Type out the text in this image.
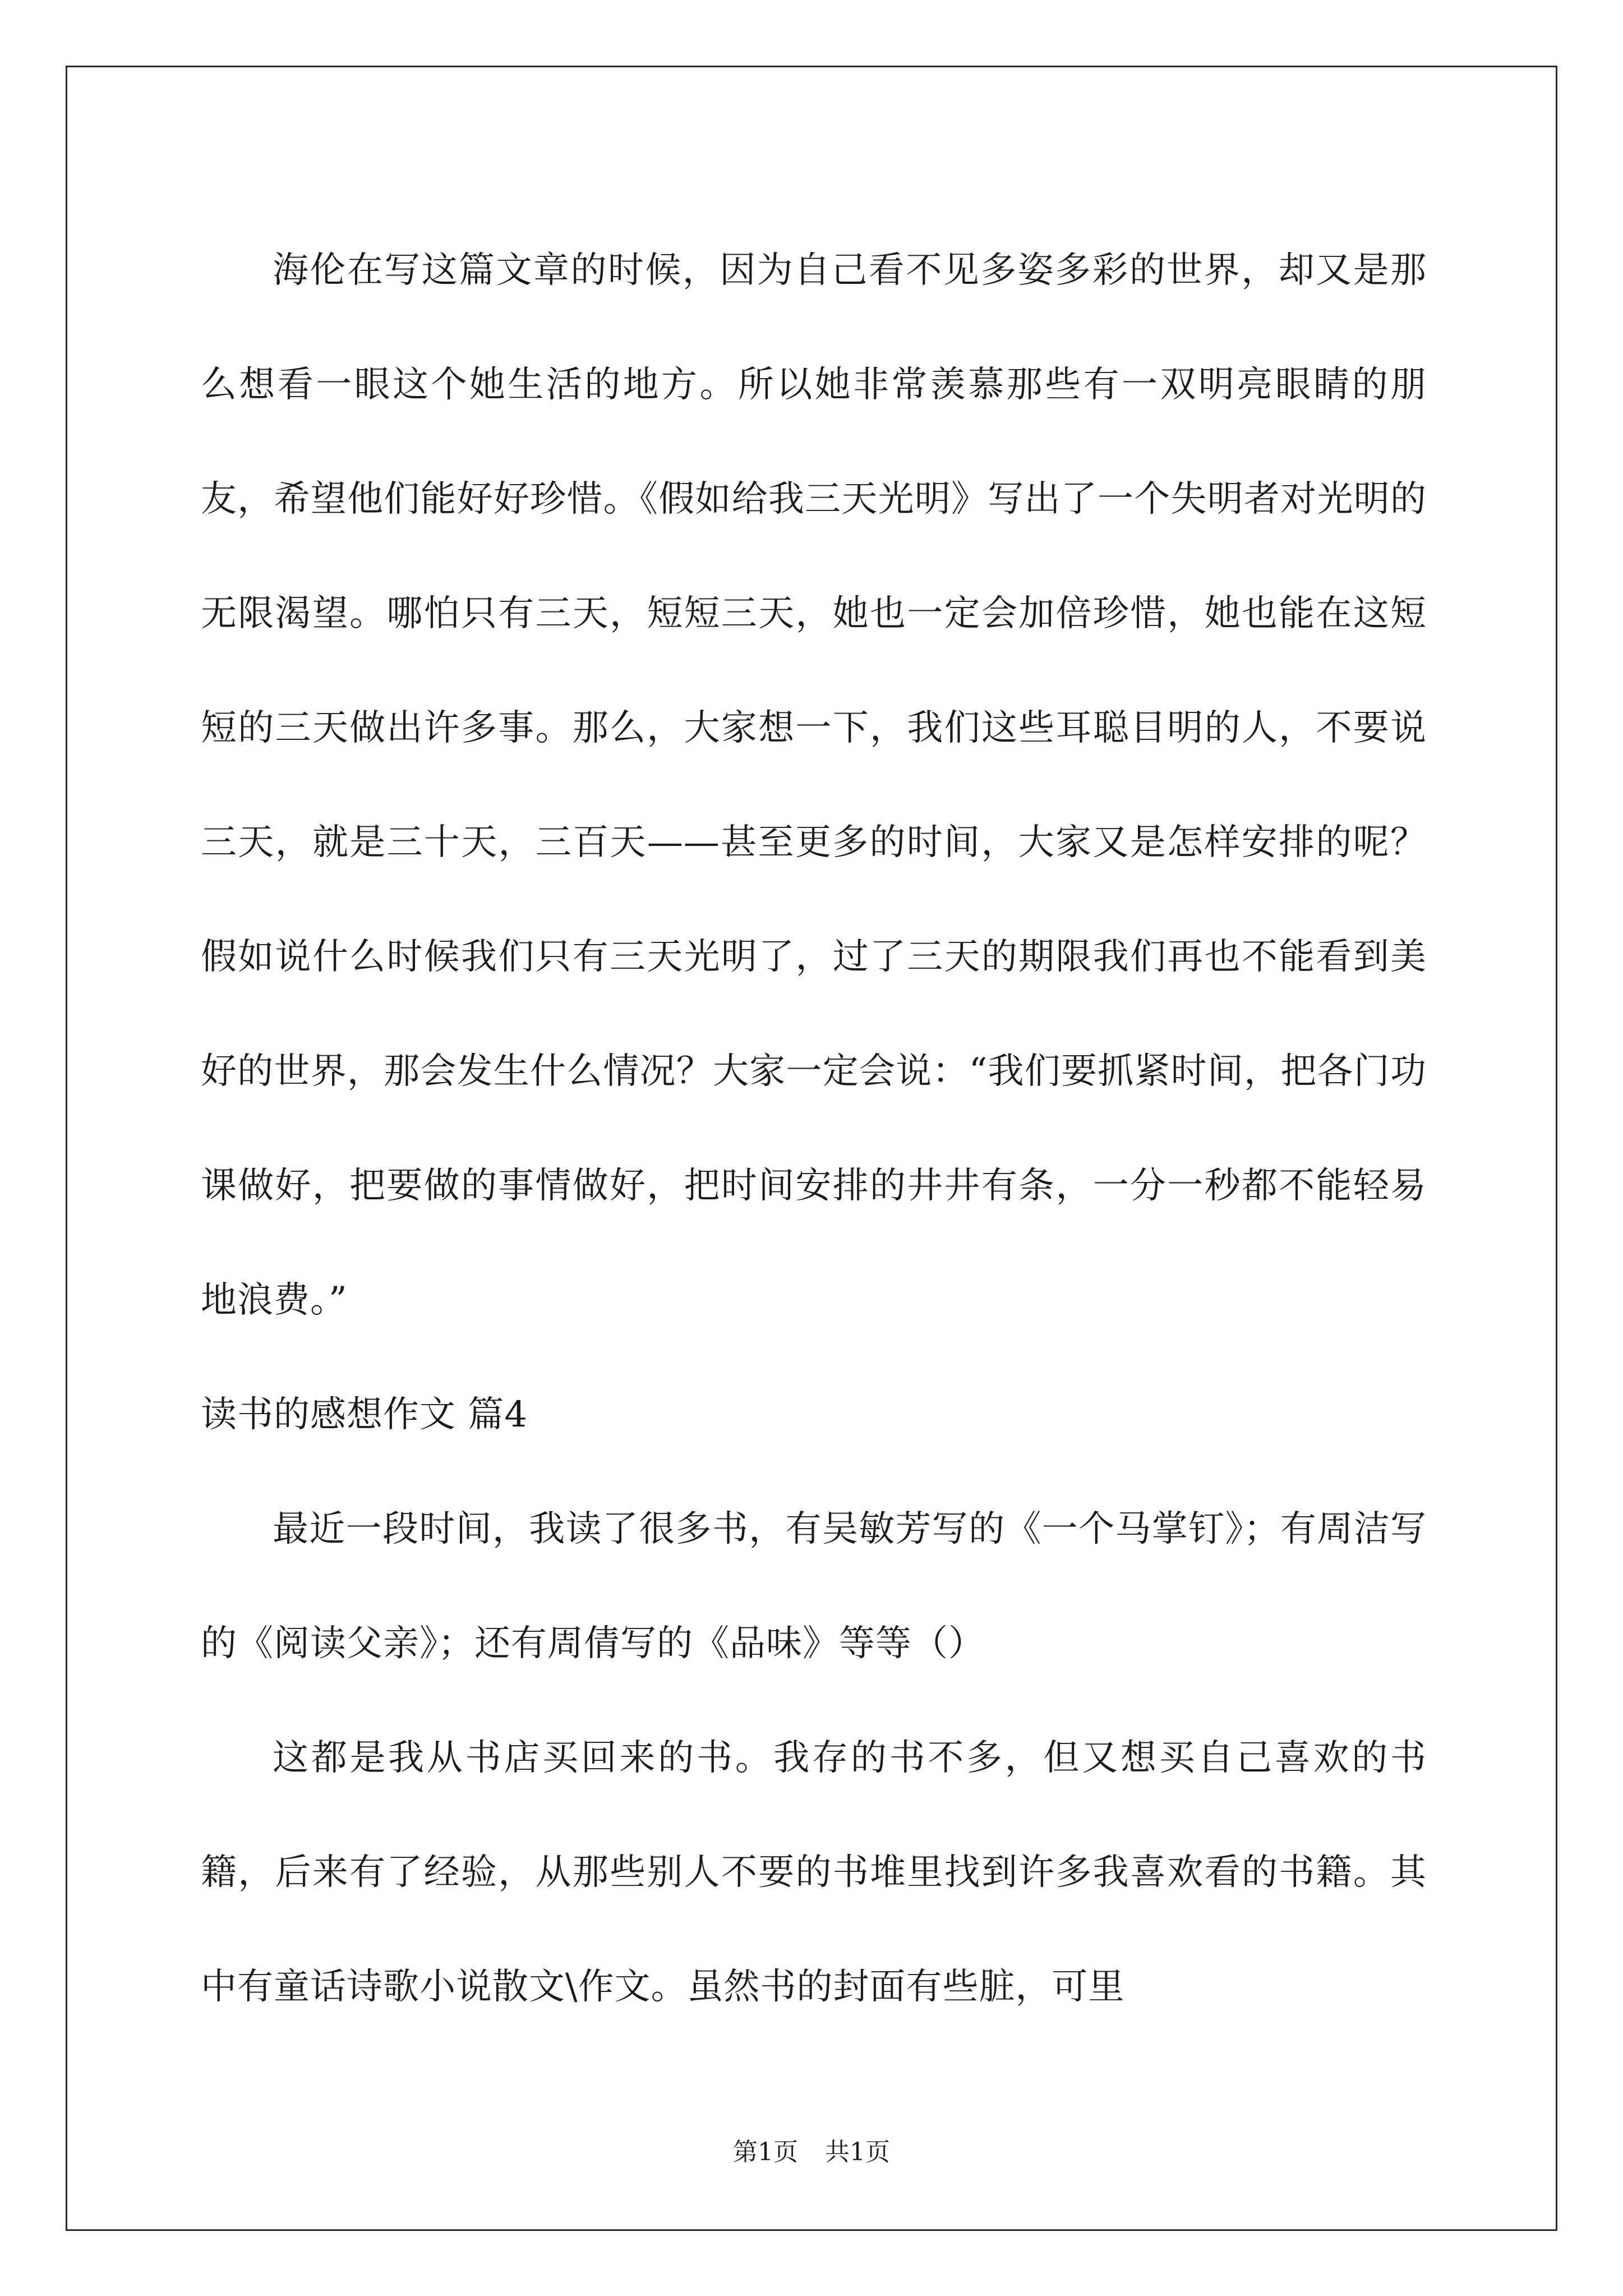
海伦在写这篇文章的时候，因为自己看不见多姿多彩的世界，却又是那么想看一眼这个她生活的地方。所以她非常羡慕那些有一双明亮眼睛的朋友，希望他们能好好珍惜。《假如给我三天光明》写出了一个失明者对光明的无限渴望。哪怕只有三天，短短三天，她也一定会加倍珍惜，她也能在这短短的三天做出许多事。那么，大家想一下，我们这些耳聪目明的人，不要说三天，就是三十天，三百天——甚至更多的时间，大家又是怎样安排的呢？假如说什么时候我们只有三天光明了，过了三天的期限我们再也不能看到美好的世界，那会发生什么情况？大家一定会说：“我们要抓紧时间，把各门功课做好，把要做的事情做好，把时间安排的井井有条，一分一秒都不能轻易地浪费。”

读书的感想作文 篇4

最近一段时间，我读了很多书，有吴敏芳写的《一个马掌钉》；有周洁写的《阅读父亲》；还有周倩写的《品味》等等（）

这都是我从书店买回来的书。我存的书不多，但又想买自己喜欢的书籍，后来有了经验，从那些别人不要的书堆里找到许多我喜欢看的书籍。其中有童话诗歌小说散文\作文。虽然书的封面有些脏，可里

第1页 共1页
